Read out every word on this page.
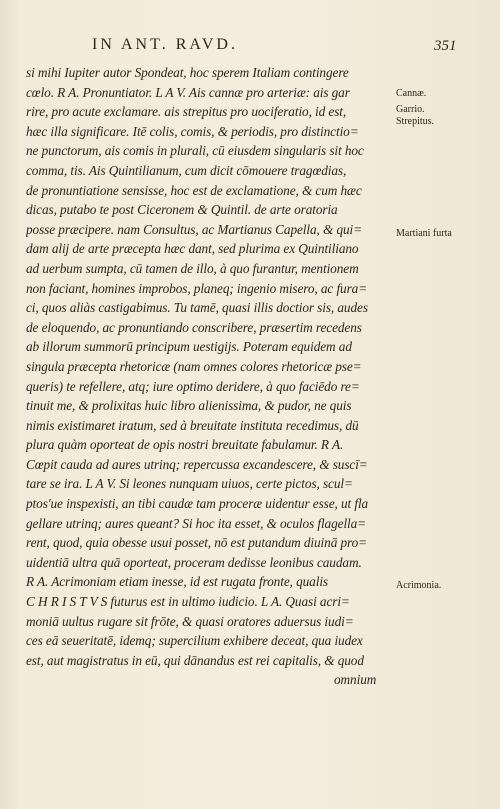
IN ANT. RAVD.	351
si mihi Iupiter autor Spondeat, hoc sperem Italiam contingere
cœlo. R A. Pronuntiator. L A V. Ais cannæ pro arteriæ: ais gar
rire, pro acute exclamare. ais strepitus pro uociferatio, id est,
hæc illa significare. Itē colis, comis, & periodis, pro distinctio=
ne punctorum, ais comis in plurali, cū eiusdem singularis sit hoc
comma, tis. Ais Quintilianum, cum dicit cōmouere tragœdias,
de pronuntiatione sensisse, hoc est de exclamatione, & cum hæc
dicas, putabo te post Ciceronem & Quintil. de arte oratoria
posse præcipere. nam Consultus, ac Martianus Capella, & qui=
dam alij de arte præcepta hæc dant, sed plurima ex Quintiliano
ad uerbum sumpta, cū tamen de illo, à quo furantur, mentionem
non faciant, homines improbos, planeq; ingenio misero, ac fura=
ci, quos aliàs castigabimus. Tu tamē, quasi illis doctior sis, audes
de eloquendo, ac pronuntiando conscribere, præsertim recedens
ab illorum summorū principum uestigijs. Poteram equidem ad
singula præcepta rhetoricæ (nam omnes colores rhetoricæ pse=
queris) te refellere, atq; iure optimo deridere, à quo faciēdo re=
tinuit me, & prolixitas huic libro alienissima, & pudor, ne quis
nimis existimaret iratum, sed à breuitate instituta recedimus, dū
plura quàm oporteat de opis nostri breuitate fabulamur. R A.
Cœpit cauda ad aures utrinq; repercussa excandescere, & suscī=
tare se ira. L A V. Si leones nunquam uiuos, certe pictos, scul=
ptos'ue inspexisti, an tibi caudæ tam proceræ uidentur esse, ut fla
gellare utrinq; aures queant? Si hoc ita esset, & oculos flagella=
rent, quod, quia obesse usui posset, nō est putandum diuinā pro=
uidentiā ultra quā oporteat, proceram dedisse leonibus caudam.
R A. Acrimoniam etiam inesse, id est rugata fronte, qualis
C H R I S T V S futurus est in ultimo iudicio. L A. Quasi acri=
moniā uultus rugare sit frōte, & quasi oratores aduersus iudi=
ces eā seueritatē, idemq; supercilium exhibere deceat, qua iudex
est, aut magistratus in eū, qui dānandus est rei capitalis, & quod
omnium
Cannæ.
Garrio.
Strepitus.
Martiani furta
Acrimonia.
